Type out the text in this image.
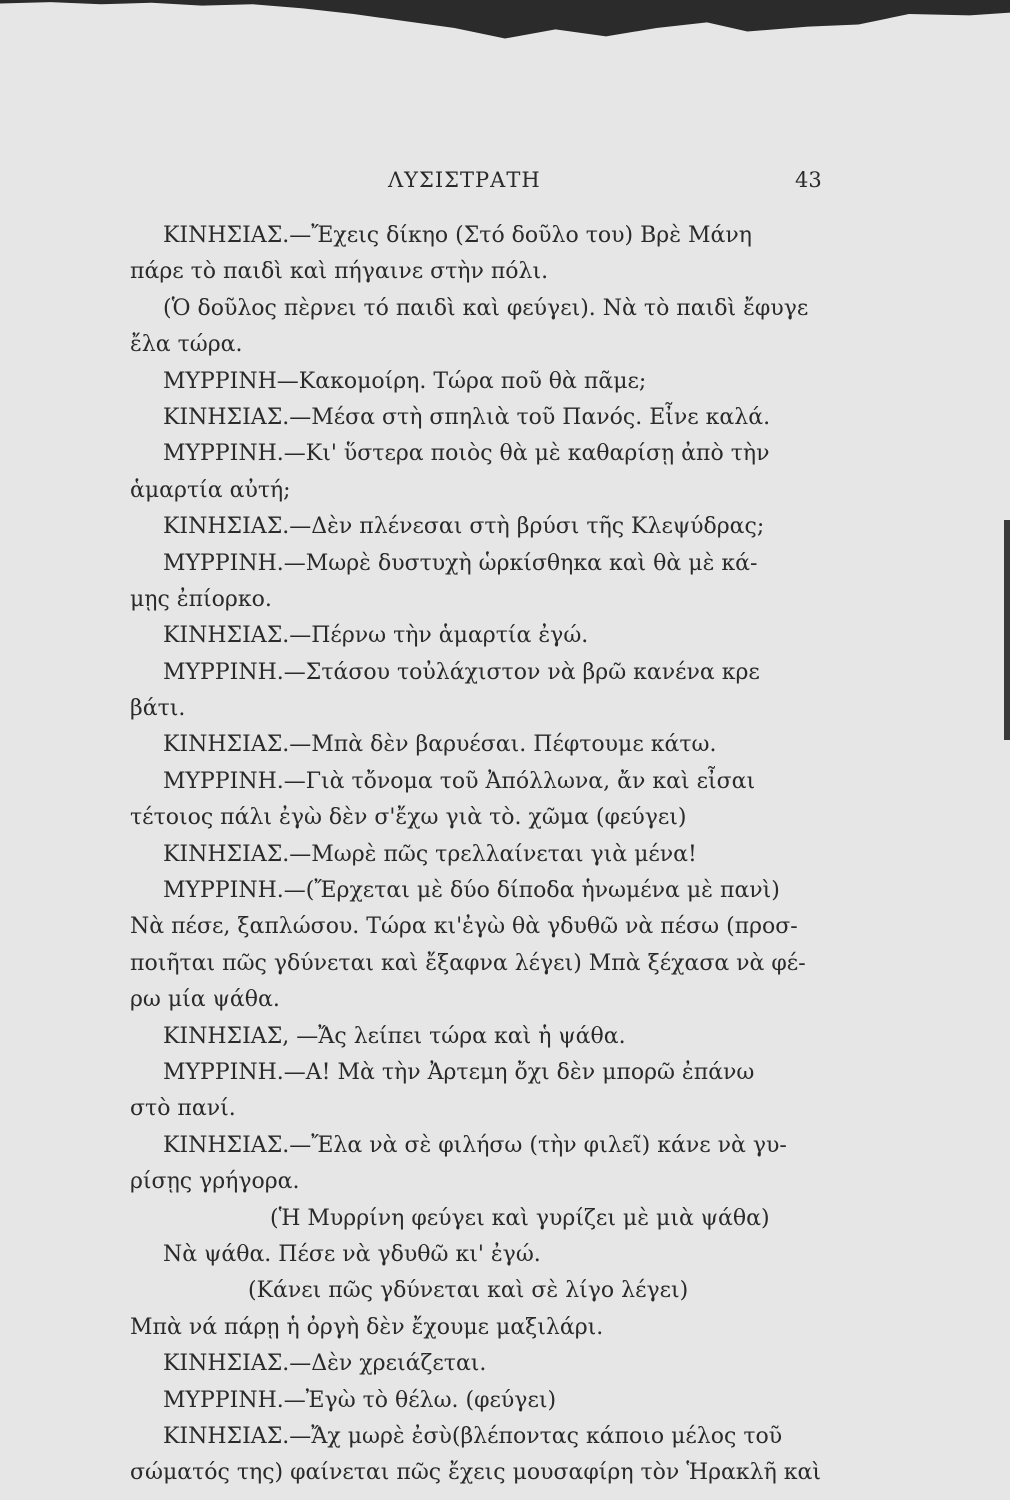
ΛΥΣΙΣΤΡΑΤΗ	43
ΚΙΝΗΣΙΑΣ.—Ἔχεις δίκηο (Στό δοῦλο του) Βρὲ Μάνη
πάρε τὸ παιδὶ καὶ πήγαινε στὴν πόλι.
(Ὁ δοῦλος πὲρνει τό παιδὶ καὶ φεύγει). Νὰ τὸ παιδὶ ἔφυγε
ἔλα τώρα.
ΜΥΡΡΙΝΗ—Κακομοίρη. Τώρα ποῦ θὰ πᾶμε;
ΚΙΝΗΣΙΑΣ.—Μέσα στὴ σπηλιὰ τοῦ Πανός. Εἶνε καλά.
ΜΥΡΡΙΝΗ.—Κι' ὕστερα ποιὸς θὰ μὲ καθαρίσῃ ἀπὸ τὴν
ἁμαρτία αὐτή;
ΚΙΝΗΣΙΑΣ.—Δὲν πλένεσαι στὴ βρύσι τῆς Κλεψύδρας;
ΜΥΡΡΙΝΗ.—Μωρὲ δυστυχὴ ὡρκίσθηκα καὶ θὰ μὲ κά-
μῃς ἐπίορκο.
ΚΙΝΗΣΙΑΣ.—Πέρνω τὴν ἁμαρτία ἐγώ.
ΜΥΡΡΙΝΗ.—Στάσου τοὐλάχιστον νὰ βρῶ κανένα κρε
βάτι.
ΚΙΝΗΣΙΑΣ.—Μπὰ δὲν βαρυέσαι. Πέφτουμε κάτω.
ΜΥΡΡΙΝΗ.—Γιὰ τὄνομα τοῦ Ἀπόλλωνα, ἄν καὶ εἶσαι
τέτοιος πάλι ἐγὼ δὲν σ'ἔχω γιὰ τὸ. χῶμα (φεύγει)
ΚΙΝΗΣΙΑΣ.—Μωρὲ πῶς τρελλαίνεται γιὰ μένα!
ΜΥΡΡΙΝΗ.—(Ἔρχεται μὲ δύο δίποδα ἡνωμένα μὲ πανὶ)
Νὰ πέσε, ξαπλώσου. Τώρα κι'ἐγὼ θὰ γδυθῶ νὰ πέσω (προσ-
ποιῆται πῶς γδύνεται καὶ ἔξαφνα λέγει) Μπὰ ξέχασα νὰ φέ-
ρω μία ψάθα.
ΚΙΝΗΣΙΑΣ, —Ἄς λείπει τώρα καὶ ἡ ψάθα.
ΜΥΡΡΙΝΗ.—Α! Μὰ τὴν Ἀρτεμη ὄχι δὲν μπορῶ ἐπάνω
στὸ πανί.
ΚΙΝΗΣΙΑΣ.—Ἔλα νὰ σὲ φιλήσω (τὴν φιλεῖ) κάνε νὰ γυ-
ρίσῃς γρήγορα.
(Ἡ Μυρρίνη φεύγει καὶ γυρίζει μὲ μιὰ ψάθα)
Νὰ ψάθα. Πέσε νὰ γδυθῶ κι' ἐγώ.
(Κάνει πῶς γδύνεται καὶ σὲ λίγο λέγει)
Μπὰ νά πάρῃ ἡ ὀργὴ δὲν ἔχουμε μαξιλάρι.
ΚΙΝΗΣΙΑΣ.—Δὲν χρειάζεται.
ΜΥΡΡΙΝΗ.—Ἐγὼ τὸ θέλω. (φεύγει)
ΚΙΝΗΣΙΑΣ.—Ἄχ μωρὲ ἐσὺ(βλέποντας κάποιο μέλος τοῦ
σώματός της) φαίνεται πῶς ἔχεις μουσαφίρη τὸν Ἡρακλῆ καὶ
